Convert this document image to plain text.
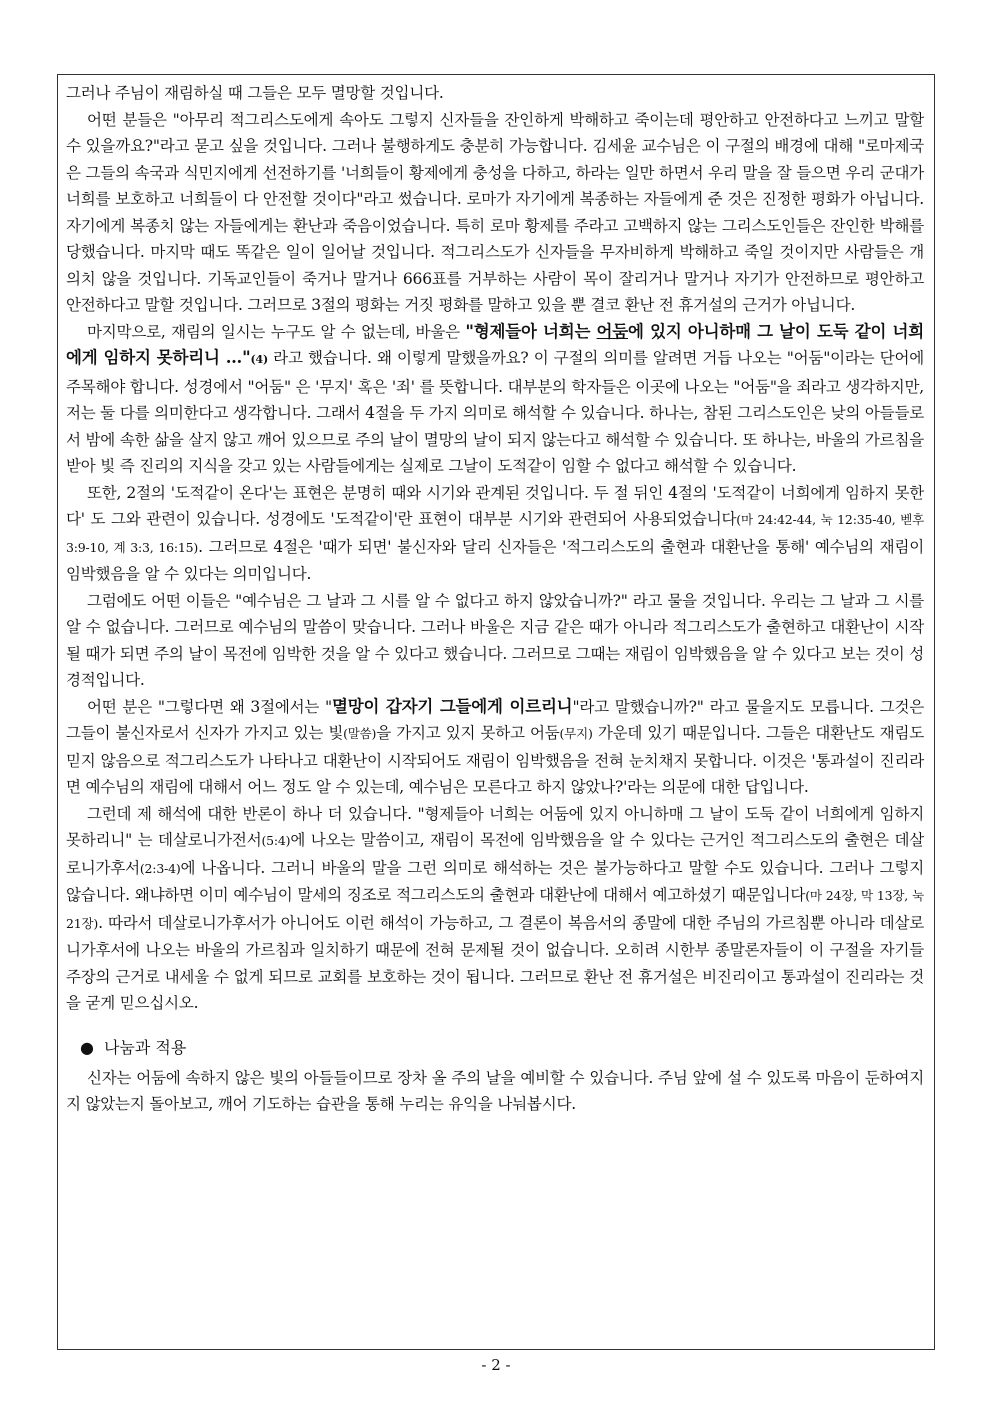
그러나 주님이 재림하실 때 그들은 모두 멸망할 것입니다.

어떤 분들은 "아무리 적그리스도에게 속아도 그렇지 신자들을 잔인하게 박해하고 죽이는데 평안하고 안전하다고 느끼고 말할 수 있을까요?"라고 묻고 싶을 것입니다. 그러나 불행하게도 충분히 가능합니다. 김세윤 교수님은 이 구절의 배경에 대해 "로마제국은 그들의 속국과 식민지에게 선전하기를 '너희들이 황제에게 충성을 다하고, 하라는 일만 하면서 우리 말을 잘 들으면 우리 군대가 너희를 보호하고 너희들이 다 안전할 것이다"라고 썼습니다. 로마가 자기에게 복종하는 자들에게 준 것은 진정한 평화가 아닙니다. 자기에게 복종치 않는 자들에게는 환난과 죽음이었습니다. 특히 로마 황제를 주라고 고백하지 않는 그리스도인들은 잔인한 박해를 당했습니다. 마지막 때도 똑같은 일이 일어날 것입니다. 적그리스도가 신자들을 무자비하게 박해하고 죽일 것이지만 사람들은 개의치 않을 것입니다. 기독교인들이 죽거나 말거나 666표를 거부하는 사람이 목이 잘리거나 말거나 자기가 안전하므로 평안하고 안전하다고 말할 것입니다. 그러므로 3절의 평화는 거짓 평화를 말하고 있을 뿐 결코 환난 전 휴거설의 근거가 아닙니다.

마지막으로, 재림의 일시는 누구도 알 수 없는데, 바울은 "형제들아 너희는 어둠에 있지 아니하매 그 날이 도둑 같이 너희에게 임하지 못하리니 …"(4) 라고 했습니다. 왜 이렇게 말했을까요? 이 구절의 의미를 알려면 거듭 나오는 "어둠"이라는 단어에 주목해야 합니다. 성경에서 "어둠" 은 '무지' 혹은 '죄' 를 뜻합니다. 대부분의 학자들은 이곳에 나오는 "어둠"을 죄라고 생각하지만, 저는 둘 다를 의미한다고 생각합니다. 그래서 4절을 두 가지 의미로 해석할 수 있습니다. 하나는, 참된 그리스도인은 낮의 아들들로서 밤에 속한 삶을 살지 않고 깨어 있으므로 주의 날이 멸망의 날이 되지 않는다고 해석할 수 있습니다. 또 하나는, 바울의 가르침을 받아 빛 즉 진리의 지식을 갖고 있는 사람들에게는 실제로 그날이 도적같이 임할 수 없다고 해석할 수 있습니다.

또한, 2절의 '도적같이 온다'는 표현은 분명히 때와 시기와 관계된 것입니다. 두 절 뒤인 4절의 '도적같이 너희에게 임하지 못한다' 도 그와 관련이 있습니다. 성경에도 '도적같이'란 표현이 대부분 시기와 관련되어 사용되었습니다(마 24:42-44, 눅 12:35-40, 벧후 3:9-10, 계 3:3, 16:15). 그러므로 4절은 '때가 되면' 불신자와 달리 신자들은 '적그리스도의 출현과 대환난을 통해' 예수님의 재림이 임박했음을 알 수 있다는 의미입니다.

그럼에도 어떤 이들은 "예수님은 그 날과 그 시를 알 수 없다고 하지 않았습니까?" 라고 물을 것입니다. 우리는 그 날과 그 시를 알 수 없습니다. 그러므로 예수님의 말씀이 맞습니다. 그러나 바울은 지금 같은 때가 아니라 적그리스도가 출현하고 대환난이 시작될 때가 되면 주의 날이 목전에 임박한 것을 알 수 있다고 했습니다. 그러므로 그때는 재림이 임박했음을 알 수 있다고 보는 것이 성경적입니다.

어떤 분은 "그렇다면 왜 3절에서는 "멸망이 갑자기 그들에게 이르리니"라고 말했습니까?" 라고 물을지도 모릅니다. 그것은 그들이 불신자로서 신자가 가지고 있는 빛(말씀)을 가지고 있지 못하고 어둠(무지) 가운데 있기 때문입니다. 그들은 대환난도 재림도 믿지 않음으로 적그리스도가 나타나고 대환난이 시작되어도 재림이 임박했음을 전혀 눈치채지 못합니다. 이것은 '통과설이 진리라면 예수님의 재림에 대해서 어느 정도 알 수 있는데, 예수님은 모른다고 하지 않았나?'라는 의문에 대한 답입니다.

그런데 제 해석에 대한 반론이 하나 더 있습니다. "형제들아 너희는 어둠에 있지 아니하매 그 날이 도둑 같이 너희에게 임하지 못하리니" 는 데살로니가전서(5:4)에 나오는 말씀이고, 재림이 목전에 임박했음을 알 수 있다는 근거인 적그리스도의 출현은 데살로니가후서(2:3-4)에 나옵니다. 그러니 바울의 말을 그런 의미로 해석하는 것은 불가능하다고 말할 수도 있습니다. 그러나 그렇지 않습니다. 왜냐하면 이미 예수님이 말세의 징조로 적그리스도의 출현과 대환난에 대해서 예고하셨기 때문입니다(마 24장, 막 13장, 눅 21장). 따라서 데살로니가후서가 아니어도 이런 해석이 가능하고, 그 결론이 복음서의 종말에 대한 주님의 가르침뿐 아니라 데살로니가후서에 나오는 바울의 가르침과 일치하기 때문에 전혀 문제될 것이 없습니다. 오히려 시한부 종말론자들이 이 구절을 자기들 주장의 근거로 내세울 수 없게 되므로 교회를 보호하는 것이 됩니다. 그러므로 환난 전 휴거설은 비진리이고 통과설이 진리라는 것을 굳게 믿으십시오.

● 나눔과 적용

신자는 어둠에 속하지 않은 빛의 아들들이므로 장차 올 주의 날을 예비할 수 있습니다. 주님 앞에 설 수 있도록 마음이 둔하여지지 않았는지 돌아보고, 깨어 기도하는 습관을 통해 누리는 유익을 나눠봅시다.

- 2 -
